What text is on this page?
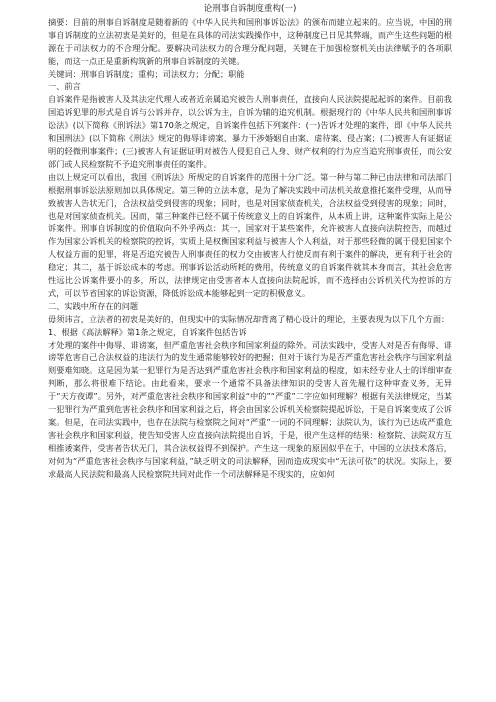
论刑事自诉制度重构(一)

摘要：目前的刑事自诉制度是随着新的《中华人民共和国刑事诉讼法》的颁布而建立起来的。应当说，中国的刑事自诉制度的立法初衷是美好的，但是在具体的司法实践操作中，这种制度已日见其弊端，而产生这些问题的根源在于司法权力的不合理分配。要解决司法权力的合理分配问题，关键在于加强检察机关由法律赋予的各项职能，而这一点正是重新构筑新的刑事自诉制度的关键。

关键词：刑事自诉制度；重构；司法权力；分配；职能

一、前言

自诉案件是指被害人及其法定代理人或者近亲属追究被告人刑事责任，直接向人民法院提起起诉的案件。目前我国追诉犯罪的形式是自诉与公诉并存，以公诉为主，自诉为辅的追究机制。根据现行的《中华人民共和国刑事诉讼法》(以下简称《刑诉法》第170条之规定，自诉案件包括下列案件：(一)告诉才处理的案件，即《中华人民共和国刑法》(以下简称《刑法》规定的侮辱诽谤案、暴力干涉婚姻自由案、虐待案、侵占案；(二)被害人有证据证明的轻微刑事案件；(三)被害人有证据证明对被告人侵犯自己人身、财产权利的行为应当追究刑事责任，而公安部门或人民检察院不予追究刑事责任的案件。

由以上规定可以看出，我国《刑诉法》所规定的自诉案件的范围十分广泛。第一种与第二种已由法律和司法部门根据刑事诉讼法原则加以具体规定。第三种的立法本意，是为了解决实践中司法机关故意推托案件受理，从而导致被害人告状无门，合法权益受到侵害的现象；同时，也是对国家侦查机关，合法权益受到侵害的现象；同时，也是对国家侦查机关。因而，第三种案件已经不属于传统意义上的自诉案件，从本质上讲，这种案件实际上是公诉案件。刑事自诉制度的价值取向不外乎两点：其一，国家对于某些案件，允许被害人直接向法院控告，而越过作为国家公诉机关的检察院的控诉，实质上是权衡国家利益与被害人个人利益，对于那些轻微的属于侵犯国家个人权益方面的犯罪，将是否追究被告人刑事责任的权力交由被害人行使反而有利于案件的解决，更有利于社会的稳定；其二，基于诉讼成本的考虑。刑事诉讼活动所耗的费用，传统意义的自诉案件就其本身而言，其社会危害性远比公诉案件要小的多，所以，法律规定由受害者本人直接向法院起诉，而不选择由公诉机关代为控诉的方式，可以节省国家的诉讼资源，降低诉讼成本能够起到一定的积极意义。

二、实践中所存在的问题

毋须讳言，立法者的初衷是美好的，但现实中的实际情况却背离了精心设计的理论，主要表现为以下几个方面：

1、根据《高法解释》第1条之规定，自诉案件包括告诉

才处理的案件中侮辱、诽谤案，但严重危害社会秩序和国家利益的除外。司法实践中，受害人对是否有侮辱、诽谤等危害自己合法权益的违法行为的发生通常能够较好的把握；但对于该行为是否严重危害社会秩序与国家利益则要难知晓。这是因为某一犯罪行为是否达到严重危害社会秩序和国家利益的程度，如未经专业人士的详细审查判断，那么将很难下结论。由此看来，要求一个通常不具备法律知识的受害人首先履行这种审查义务，无异于“天方夜谭”。另外，对严重危害社会秩序和国家利益“中的”“严重”二字应如何理解？根据有关法律规定，当某一犯罪行为严重到危害社会秩序和国家利益之后，将会由国家公诉机关检察院提起诉讼，于是自诉案变成了公诉案。但是，在司法实践中，也存在法院与检察院之间对“严重”一词的不同理解；法院认为，该行为已达成严重危害社会秩序和国家利益，使告知受害人应直接向法院提出自诉，于是，很产生这样的结果：检察院、法院双方互相推诿案件，受害者告状无门，其合法权益得不到保护。产生这一现象的原因似乎在于，中国的立法技术落后，对何为“严重危害社会秩序与国家利益，”缺乏明文的司法解释，因而造成现实中“无法可依”的状况。实际上，要求最高人民法院和最高人民检察院共同对此作一个司法解释是不现实的，应如何
